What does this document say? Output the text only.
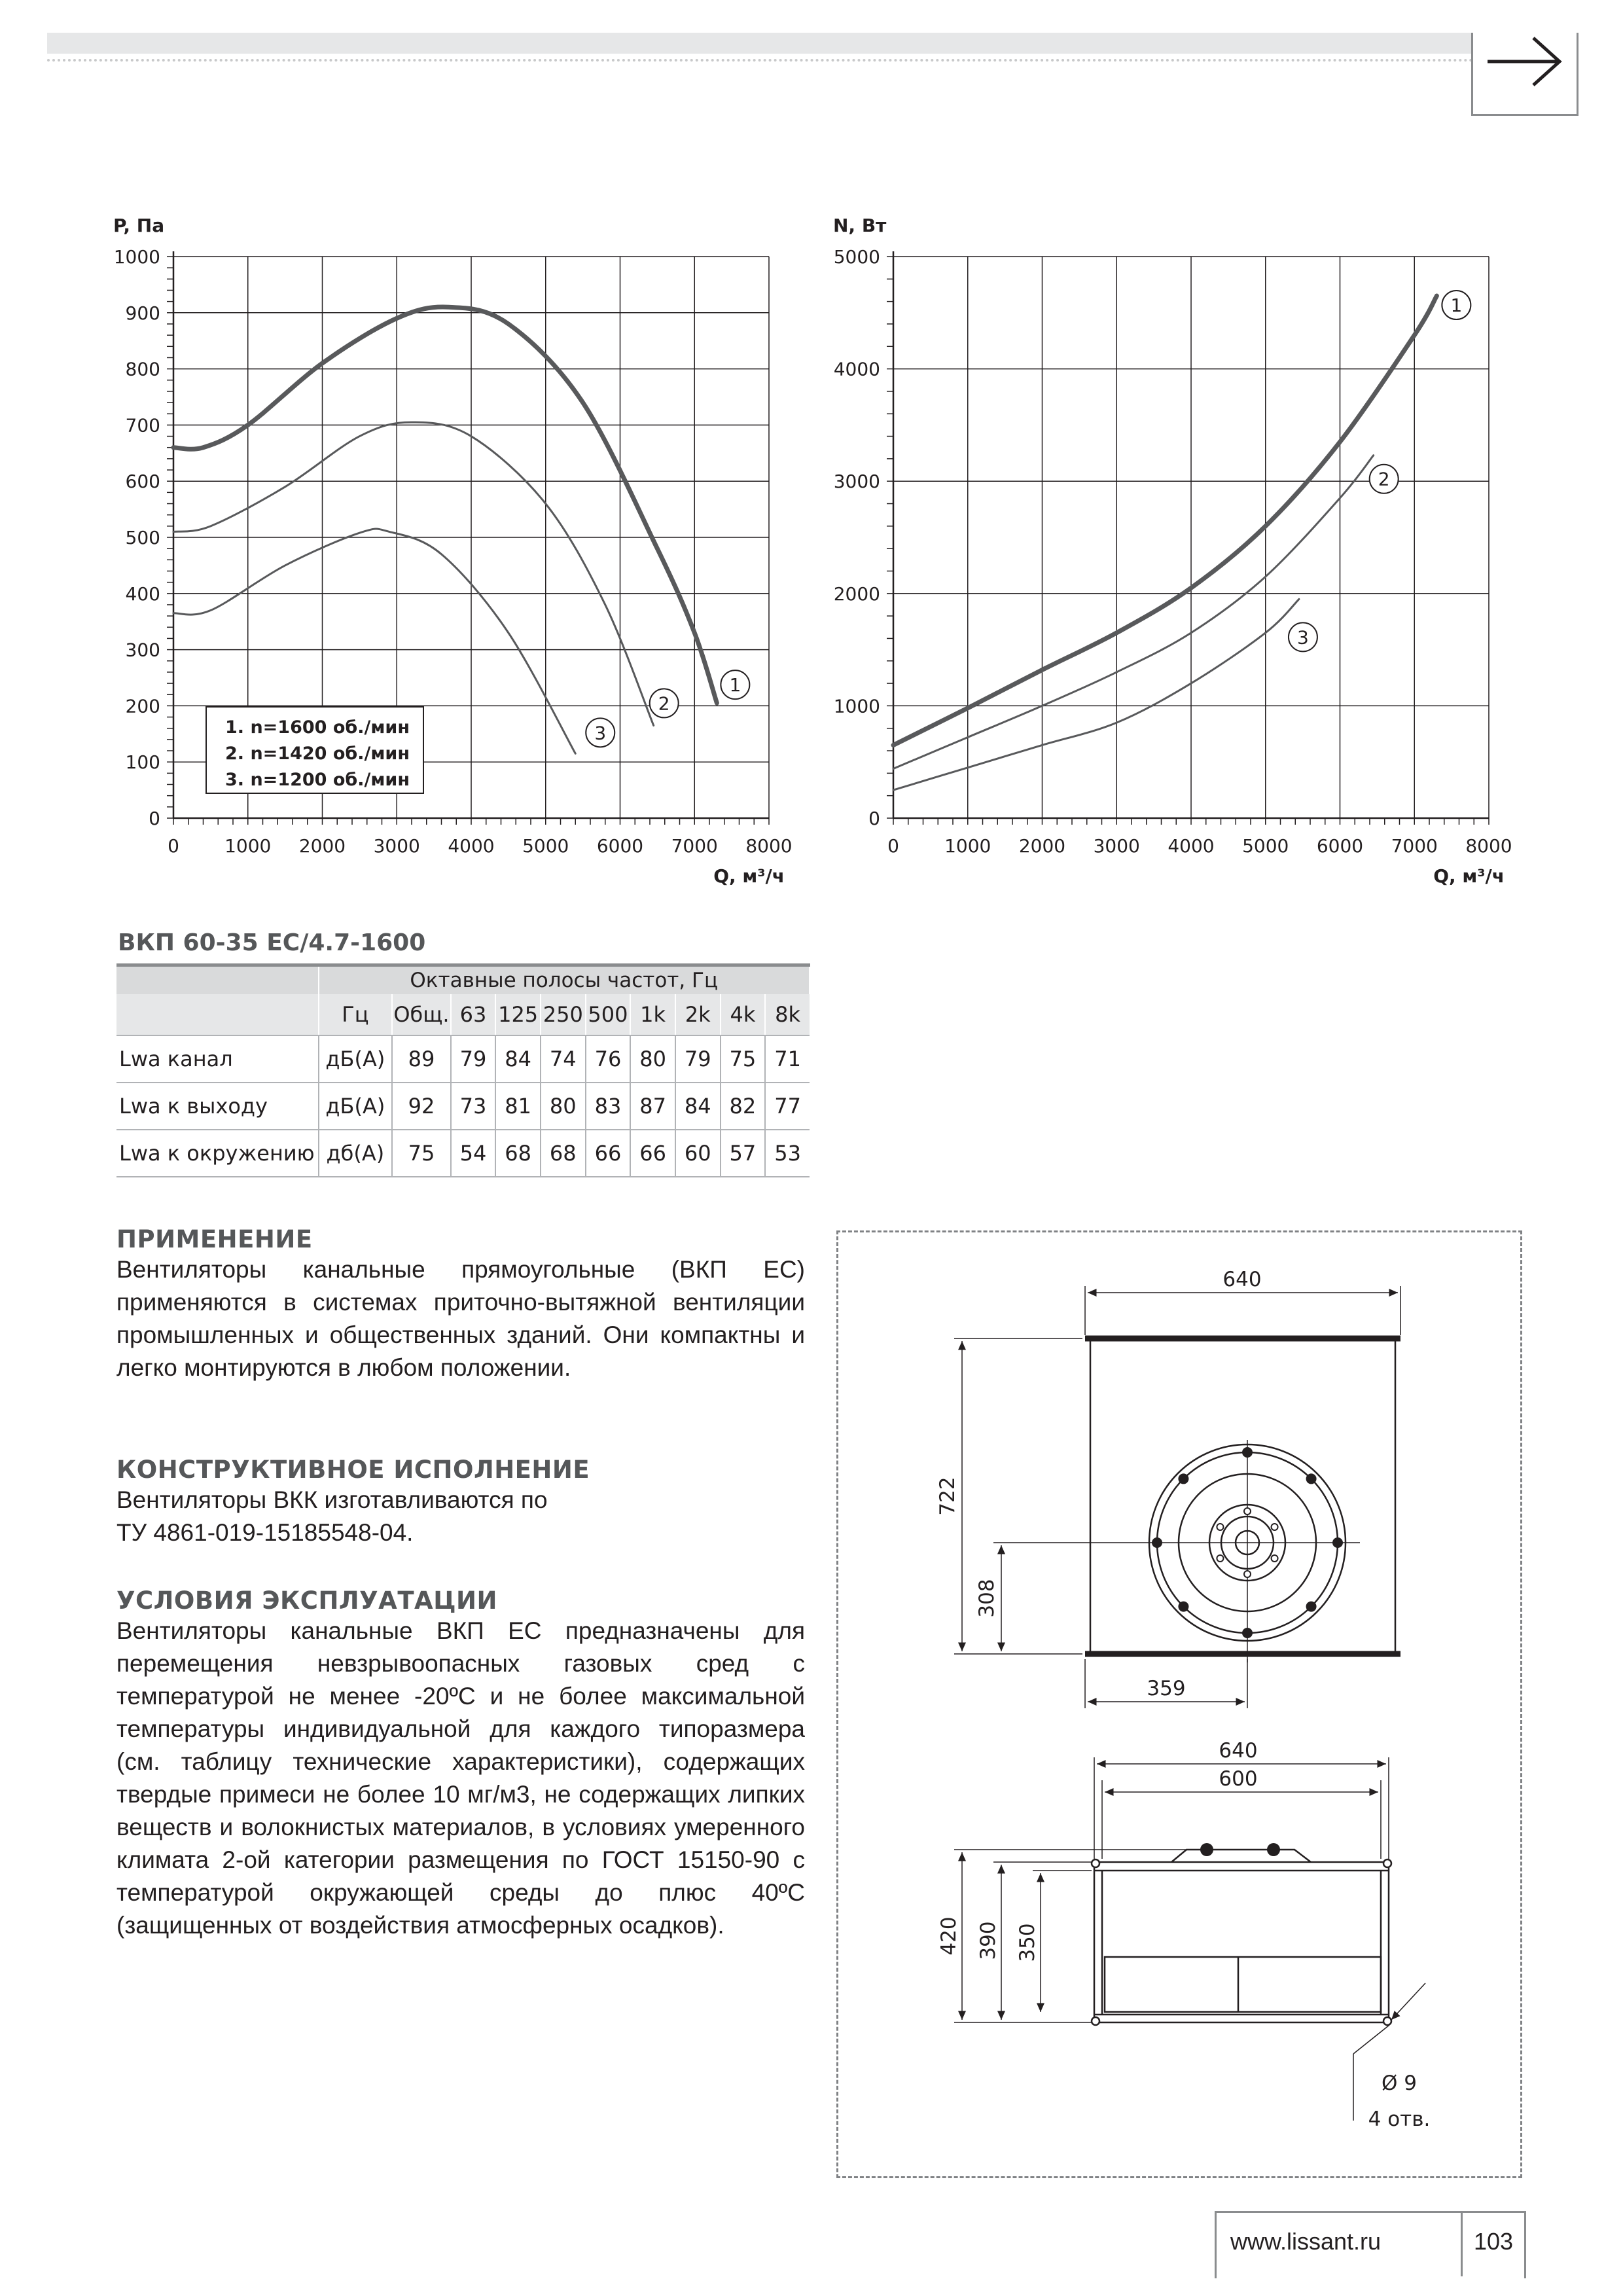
0
100
200
300
400
500
600
700
800
900
1000
0 1000 2000 3000 4000 5000 6000 7000 8000
P, Па
Q, м³/ч
1
2
3
1. n=1600 об./мин
2. n=1420 об./мин
3. n=1200 об./мин
0
1000
2000
3000
4000
5000
0 1000 2000 3000 4000 5000 6000 7000 8000
N, Вт
Q, м³/ч
1
2
3
ВКП 60-35 ЕС/4.7-1600
	Октавные полосы частот, Гц									
	Гц	Общ.	63	125	250	500	1k	2k	4k	8k
Lwa канал	дБ(А)	89	79	84	74	76	80	79	75	71
Lwa к выходу	дБ(А)	92	73	81	80	83	87	84	82	77
Lwa к окружению	дб(А)	75	54	68	68	66	66	60	57	53
ПРИМЕНЕНИЕ
Вентиляторы канальные прямоугольные (ВКП ЕС) применяются в системах приточно-вытяжной вентиляции промышленных и общественных зданий. Они компактны и легко монтируются в любом положении.
КОНСТРУКТИВНОЕ ИСПОЛНЕНИЕ
Вентиляторы ВКК изготавливаются по ТУ 4861-019-15185548-04.
УСЛОВИЯ ЭКСПЛУАТАЦИИ
Вентиляторы канальные ВКП ЕС предназначены для перемещения невзрывоопасных газовых сред с температурой не менее -20ºС и не более максимальной температуры индивидуальной для каждого типоразмера (см. таблицу технические характеристики), содержащих твердые примеси не более 10 мг/м3, не содержащих липких веществ и волокнистых материалов, в условиях умеренного климата 2-ой категории размещения по ГОСТ 15150-90 с температурой окружающей среды до плюс 40ºС (защищенных от воздействия атмосферных осадков).
640
722
308
359
640
600
420 390 350
Ø 9
4 отв.
www.lissant.ru	103
